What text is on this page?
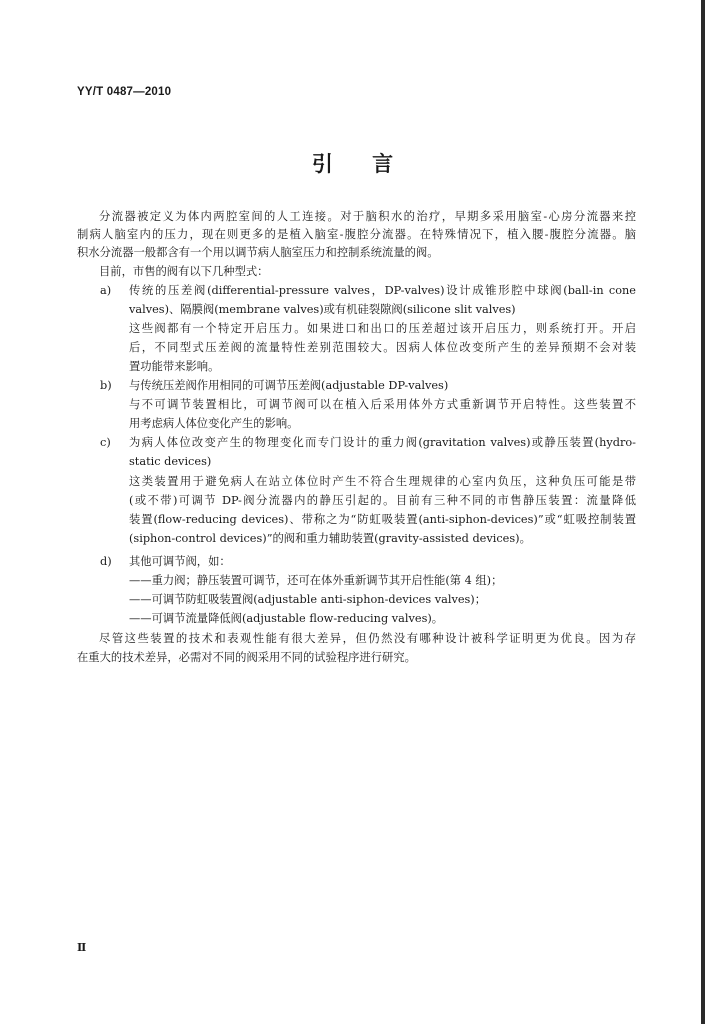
YY/T 0487—2010
引 言
分流器被定义为体内两腔室间的人工连接。对于脑积水的治疗，早期多采用脑室-心房分流器来控
制病人脑室内的压力，现在则更多的是植入脑室-腹腔分流器。在特殊情况下，植入腰-腹腔分流器。脑
积水分流器一般都含有一个用以调节病人脑室压力和控制系统流量的阀。
目前，市售的阀有以下几种型式：
a) 传统的压差阀(differential-pressure valves，DP-valves)设计成锥形腔中球阀(ball-in cone
valves)、隔膜阀(membrane valves)或有机硅裂隙阀(silicone slit valves)
这些阀都有一个特定开启压力。如果进口和出口的压差超过该开启压力，则系统打开。开启
后，不同型式压差阀的流量特性差别范围较大。因病人体位改变所产生的差异预期不会对装
置功能带来影响。
b) 与传统压差阀作用相同的可调节压差阀(adjustable DP-valves)
与不可调节装置相比，可调节阀可以在植入后采用体外方式重新调节开启特性。这些装置不
用考虑病人体位变化产生的影响。
c) 为病人体位改变产生的物理变化而专门设计的重力阀(gravitation valves)或静压装置(hydro-
static devices)
这类装置用于避免病人在站立体位时产生不符合生理规律的心室内负压，这种负压可能是带
(或不带)可调节 DP-阀分流器内的静压引起的。目前有三种不同的市售静压装置：流量降低
装置(flow-reducing devices)、带称之为“防虹吸装置(anti-siphon-devices)”或“虹吸控制装置
(siphon-control devices)”的阀和重力辅助装置(gravity-assisted devices)。
d) 其他可调节阀，如：
——重力阀；静压装置可调节，还可在体外重新调节其开启性能(第 4 组)；
——可调节防虹吸装置阀(adjustable anti-siphon-devices valves)；
——可调节流量降低阀(adjustable flow-reducing valves)。
尽管这些装置的技术和表观性能有很大差异，但仍然没有哪种设计被科学证明更为优良。因为存
在重大的技术差异，必需对不同的阀采用不同的试验程序进行研究。
Ⅱ
